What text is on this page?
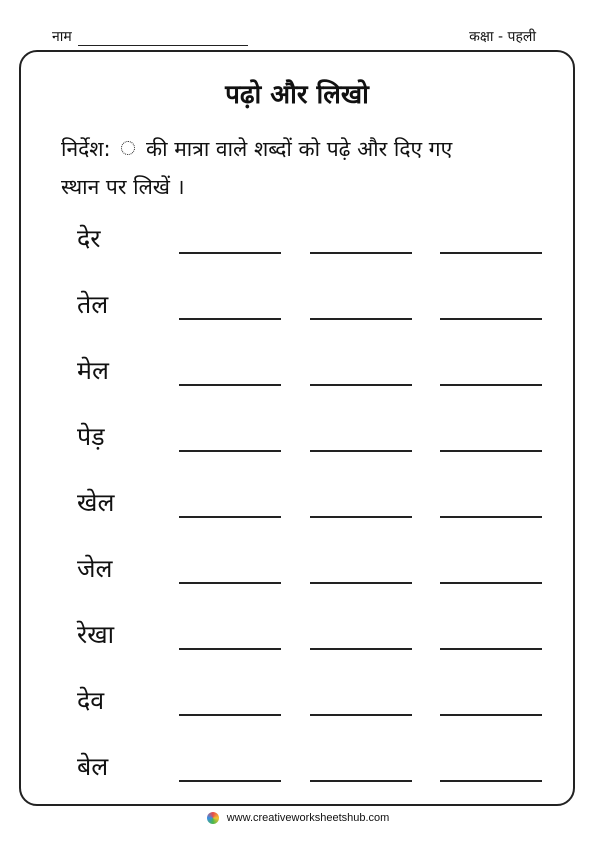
नाम	कक्षा - पहली
पढ़ो और लिखो
निर्देश: की मात्रा वाले शब्दों को पढ़े और दिए गए
स्थान पर लिखें ।
देर
तेल
मेल
पेड़
खेल
जेल
रेखा
देव
बेल
www.creativeworksheetshub.com
